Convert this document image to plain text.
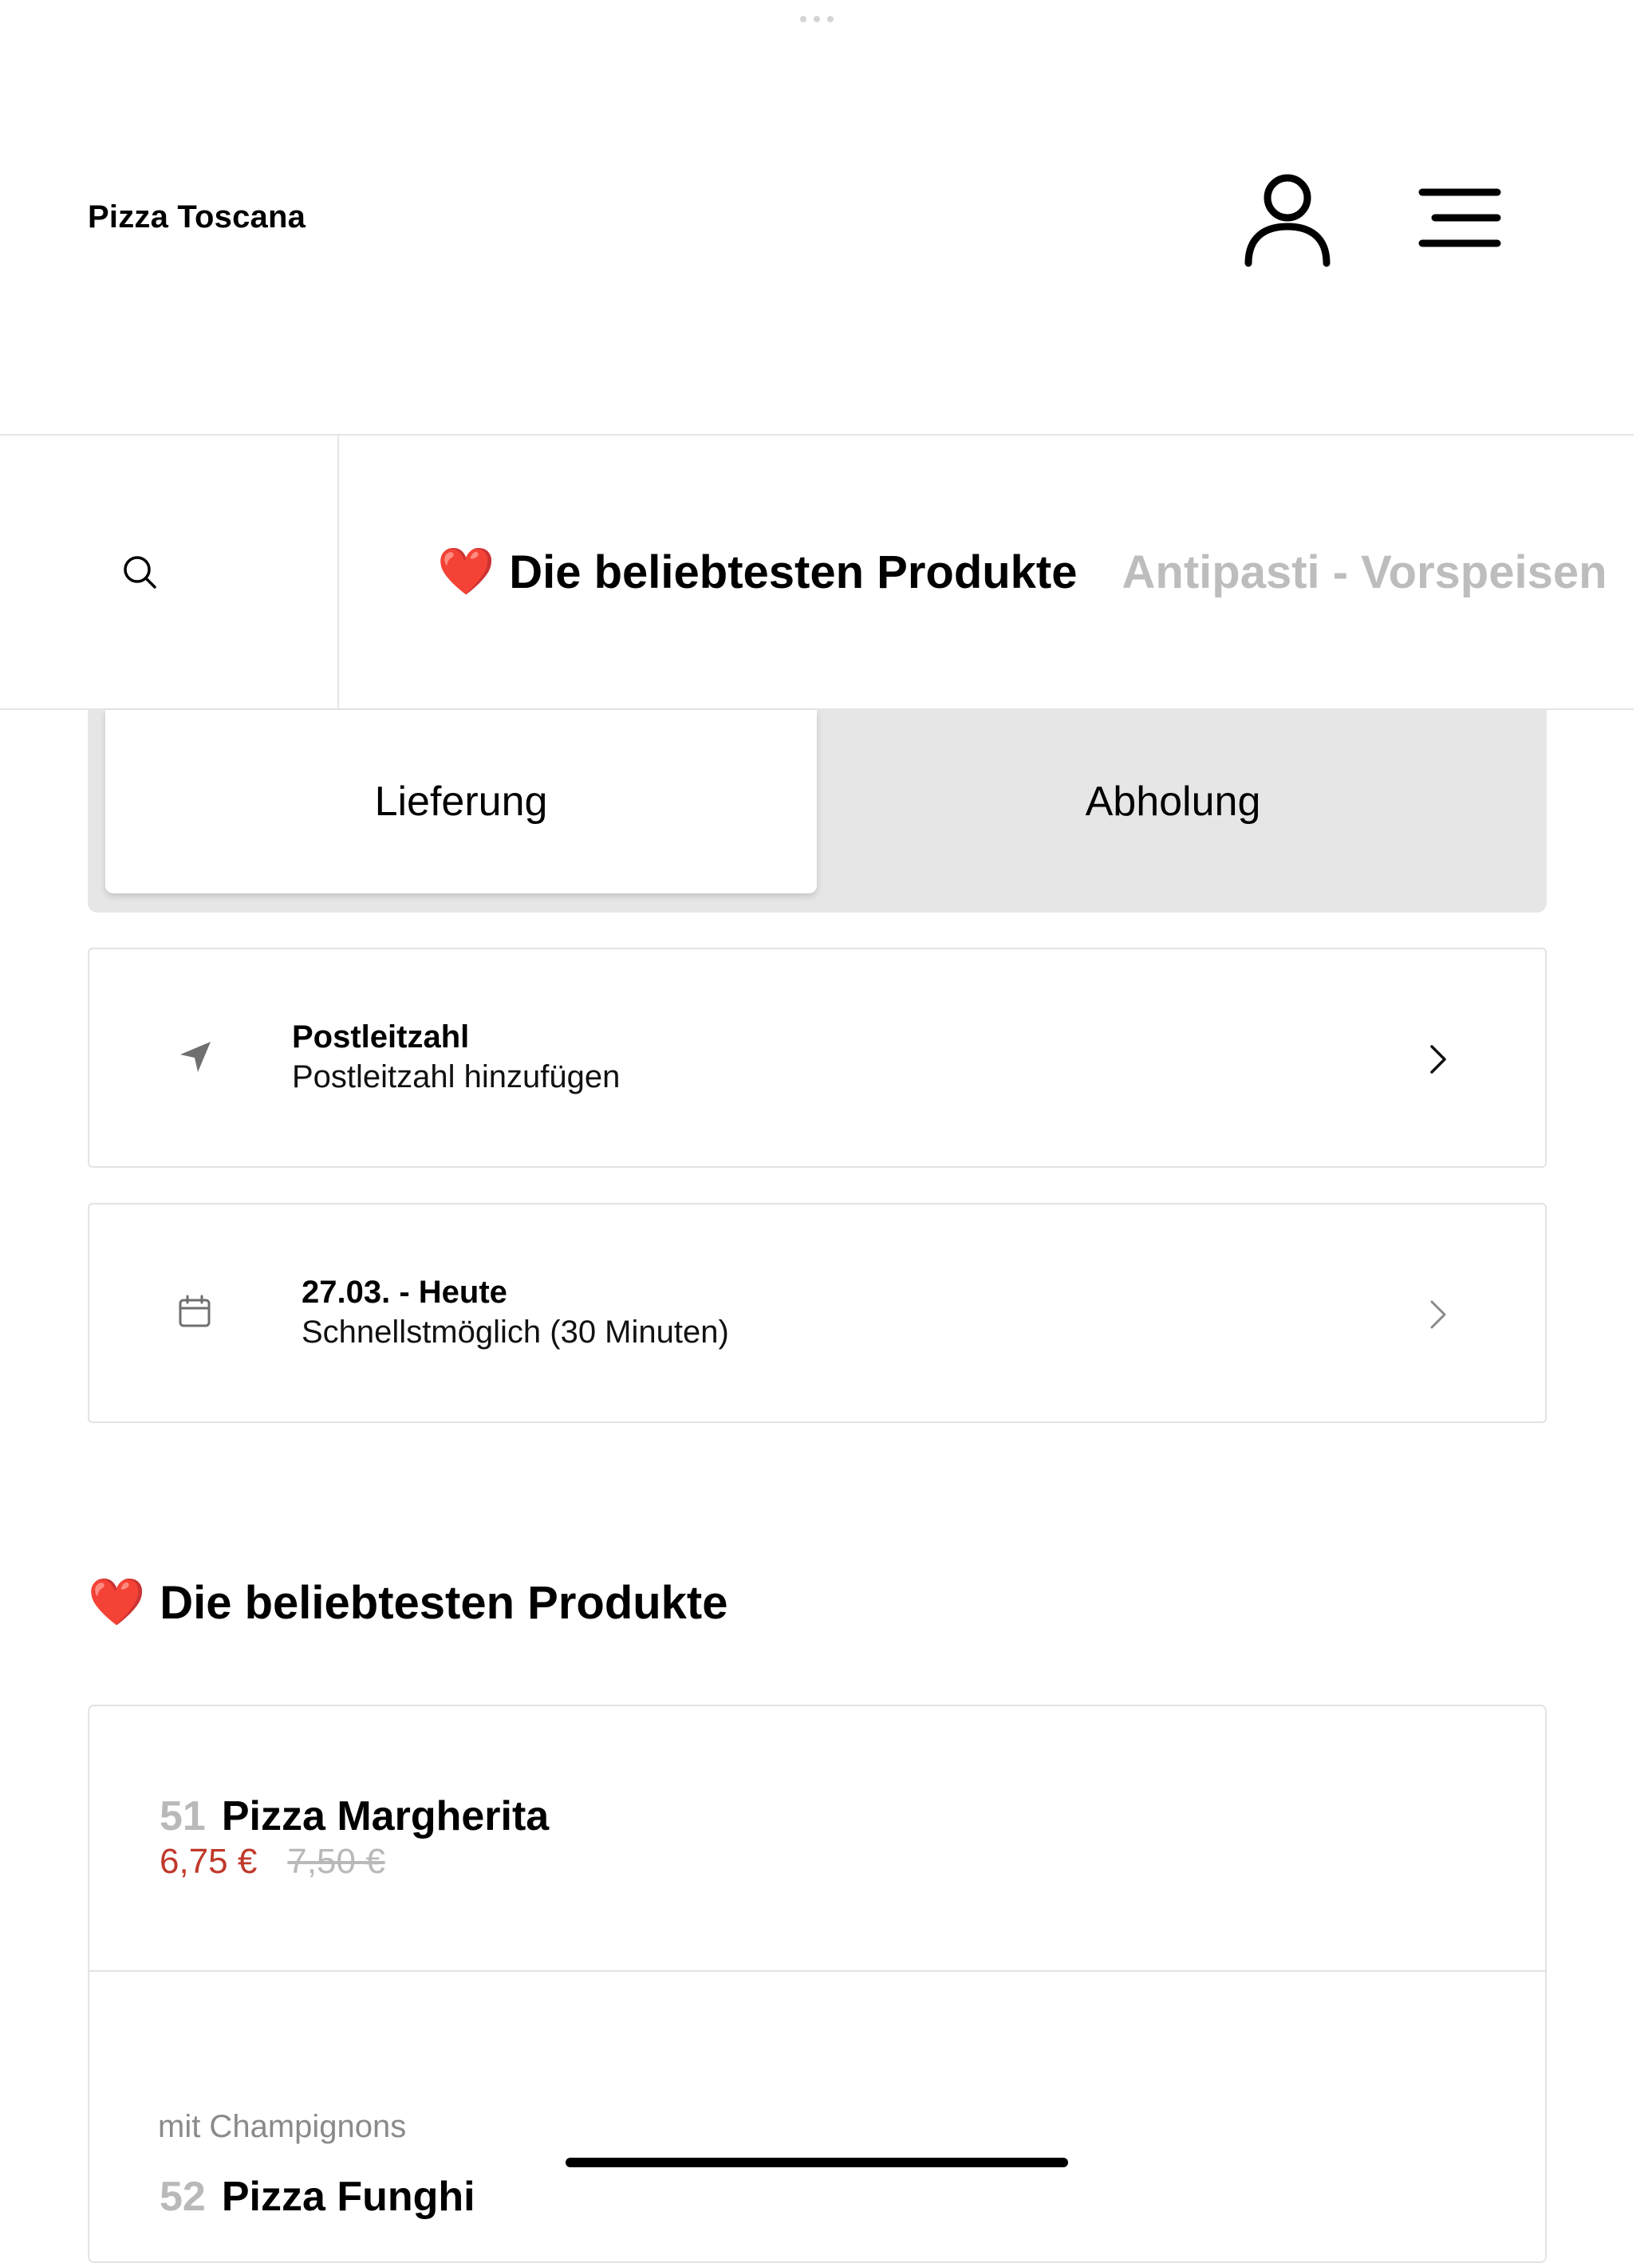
Pizza Toscana
❤️ Die beliebtesten Produkte Antipasti - Vorspeisen
Lieferung	Abholung
Postleitzahl
Postleitzahl hinzufügen
27.03. - Heute
Schnellstmöglich (30 Minuten)
❤️ Die beliebtesten Produkte
51 Pizza Margherita
6,75 € 7,50 €
52 Pizza Funghi
mit Champignons
